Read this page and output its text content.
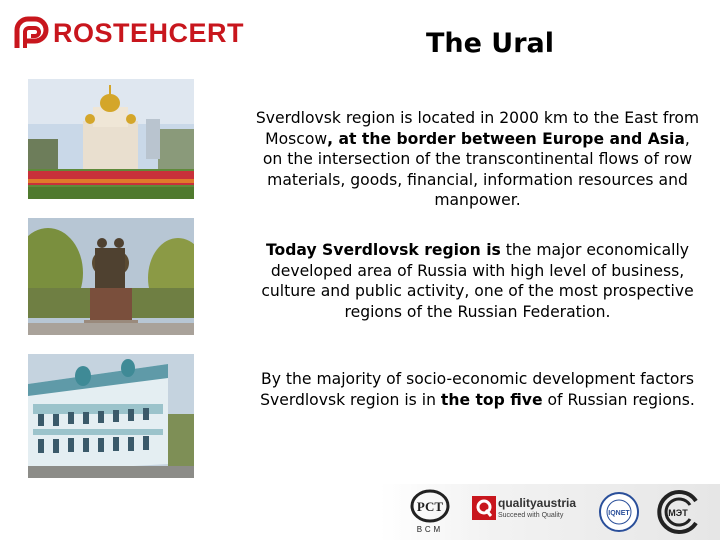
ROSTEHCERT	The Ural
Sverdlovsk region is located in 2000 km to the East from Moscow, at the border between Europe and Asia, on the intersection of the transcontinental flows of row materials, goods, financial, information resources and manpower.
Today Sverdlovsk region is the major economically developed area of Russia with high level of business, culture and public activity, one of the most prospective regions of the Russian Federation.
By the majority of socio-economic development factors Sverdlovsk region is in the top five of Russian regions.
РСТ
ВСМ
qualityaustria
Succeed with Quality	IQNET	МЭТ
